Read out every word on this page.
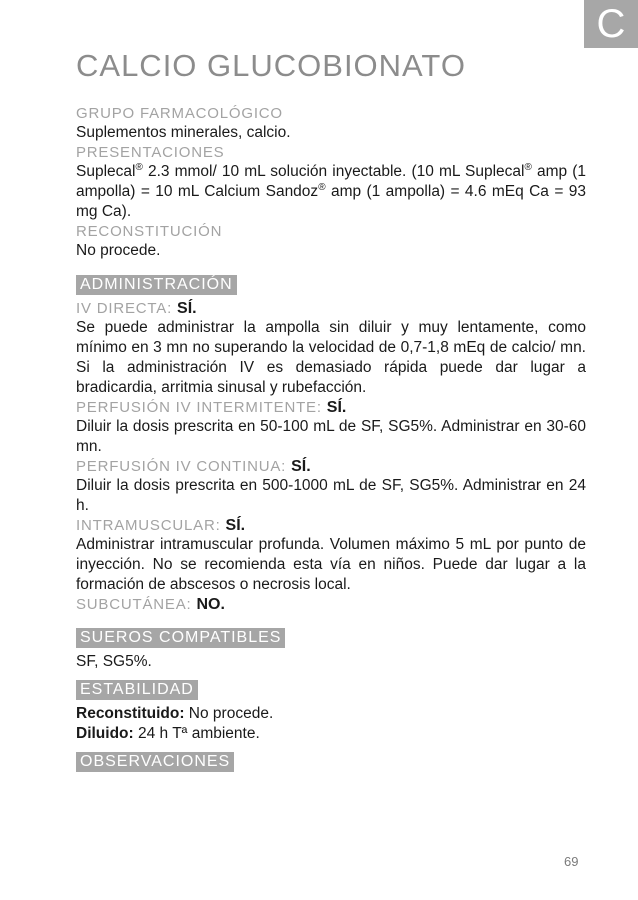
C
CALCIO GLUCOBIONATO
GRUPO FARMACOLÓGICO

Suplementos minerales, calcio.

PRESENTACIONES

Suplecal® 2.3 mmol/ 10 mL solución inyectable. (10 mL Suplecal® amp (1 ampolla) = 10 mL Calcium Sandoz® amp (1 ampolla) = 4.6 mEq Ca = 93 mg Ca).

RECONSTITUCIÓN

No procede.

ADMINISTRACIÓN
IV DIRECTA: SÍ.

Se puede administrar la ampolla sin diluir y muy lentamente, como mínimo en 3 mn no superando la velocidad de 0,7-1,8 mEq de calcio/ mn. Si la administración IV es demasiado rápida puede dar lugar a bradicardia, arritmia sinusal y rubefacción.

PERFUSIÓN IV INTERMITENTE: SÍ.

Diluir la dosis prescrita en 50-100 mL de SF, SG5%. Administrar en 30-60 mn.

PERFUSIÓN IV CONTINUA: SÍ.

Diluir la dosis prescrita en 500-1000 mL de SF, SG5%. Administrar en 24 h.

INTRAMUSCULAR: SÍ.

Administrar intramuscular profunda. Volumen máximo 5 mL por punto de inyección. No se recomienda esta vía en niños. Puede dar lugar a la formación de abscesos o necrosis local.

SUBCUTÁNEA: NO.
SUEROS COMPATIBLES

SF, SG5%.

ESTABILIDAD

Reconstituido: No procede.

Diluido: 24 h Tª ambiente.

OBSERVACIONES
69
